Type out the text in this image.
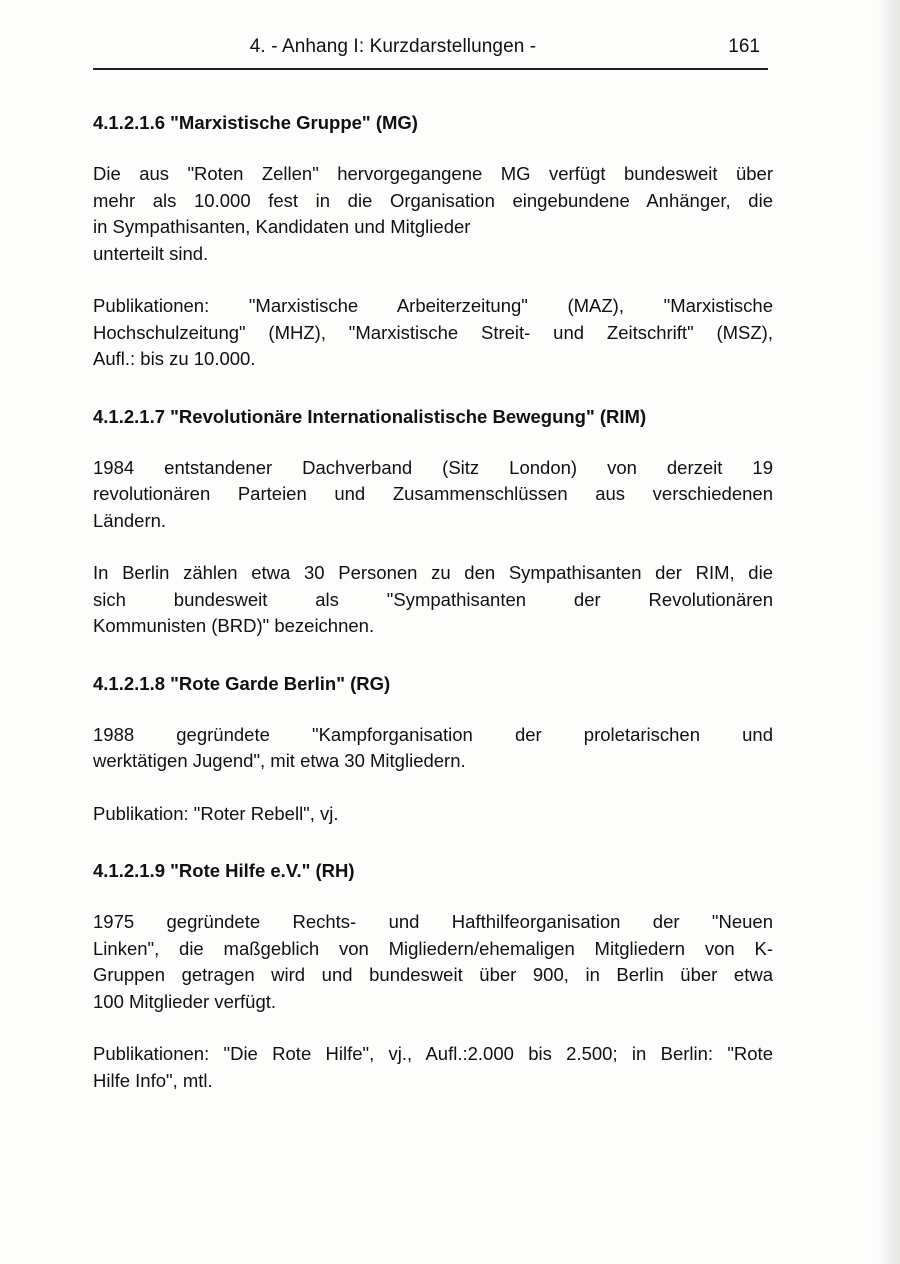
4. - Anhang I: Kurzdarstellungen -	161
4.1.2.1.6 "Marxistische Gruppe" (MG)
Die aus "Roten Zellen" hervorgegangene MG verfügt bundesweit über
mehr als 10.000 fest in die Organisation eingebundene Anhänger, die
in Sympathisanten, Kandidaten und Mitglieder
unterteilt sind.
Publikationen: "Marxistische Arbeiterzeitung" (MAZ), "Marxistische
Hochschulzeitung" (MHZ), "Marxistische Streit- und Zeitschrift" (MSZ),
Aufl.: bis zu 10.000.
4.1.2.1.7 "Revolutionäre Internationalistische Bewegung" (RIM)
1984 entstandener Dachverband (Sitz London) von derzeit 19
revolutionären Parteien und Zusammenschlüssen aus verschiedenen
Ländern.
In Berlin zählen etwa 30 Personen zu den Sympathisanten der RIM, die
sich bundesweit als "Sympathisanten der Revolutionären
Kommunisten (BRD)" bezeichnen.
4.1.2.1.8 "Rote Garde Berlin" (RG)
1988 gegründete "Kampforganisation der proletarischen und
werktätigen Jugend", mit etwa 30 Mitgliedern.
Publikation: "Roter Rebell", vj.
4.1.2.1.9 "Rote Hilfe e.V." (RH)
1975 gegründete Rechts- und Hafthilfeorganisation der "Neuen
Linken", die maßgeblich von Migliedern/ehemaligen Mitgliedern von K-
Gruppen getragen wird und bundesweit über 900, in Berlin über etwa
100 Mitglieder verfügt.
Publikationen: "Die Rote Hilfe", vj., Aufl.:2.000 bis 2.500; in Berlin: "Rote
Hilfe Info", mtl.
